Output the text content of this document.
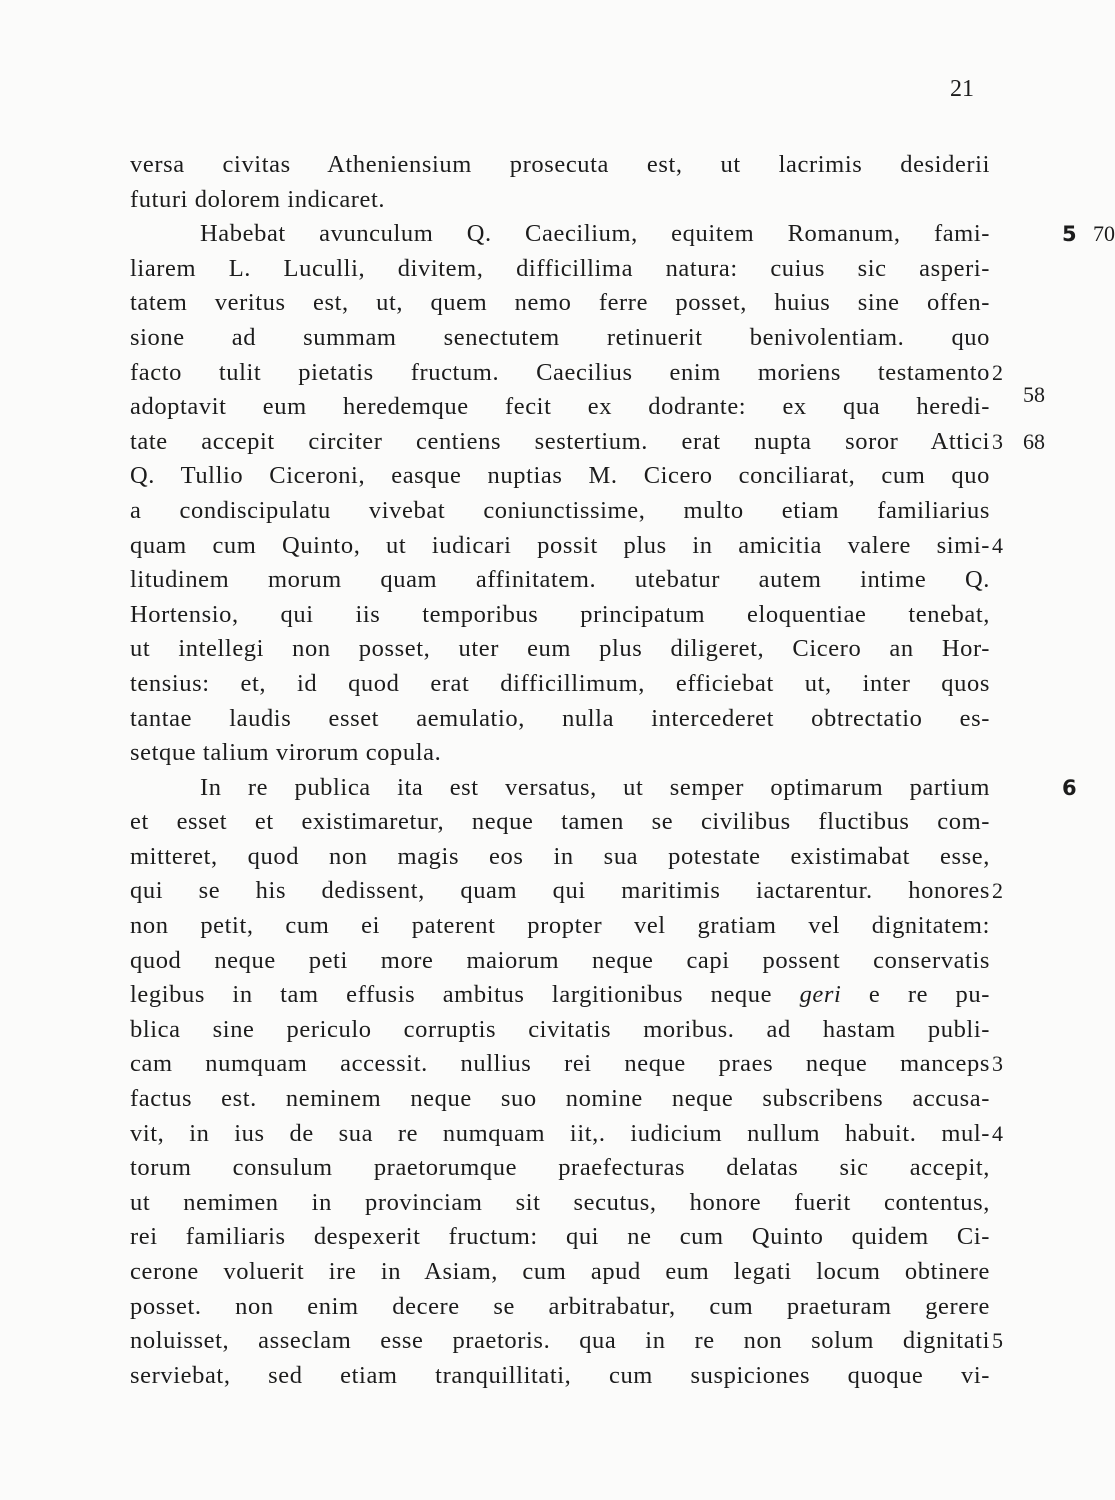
21
versa civitas Atheniensium prosecuta est, ut lacrimis desiderii
futuri dolorem indicaret.
Habebat avunculum Q. Caecilium, equitem Romanum, fami-	5 70
liarem L. Luculli, divitem, difficillima natura: cuius sic asperi-
tatem veritus est, ut, quem nemo ferre posset, huius sine offen-
sione ad summam senectutem retinuerit benivolentiam. quo
facto tulit pietatis fructum. Caecilius enim moriens testamento 2
adoptavit eum heredemque fecit ex dodrante: ex qua heredi- 58
tate accepit circiter centiens sestertium. erat nupta soror Attici 3 68
Q. Tullio Ciceroni, easque nuptias M. Cicero conciliarat, cum quo
a condiscipulatu vivebat coniunctissime, multo etiam familiarius
quam cum Quinto, ut iudicari possit plus in amicitia valere simi- 4
litudinem morum quam affinitatem. utebatur autem intime Q.
Hortensio, qui iis temporibus principatum eloquentiae tenebat,
ut intellegi non posset, uter eum plus diligeret, Cicero an Hor-
tensius: et, id quod erat difficillimum, efficiebat ut, inter quos
tantae laudis esset aemulatio, nulla intercederet obtrectatio es-
setque talium virorum copula.
In re publica ita est versatus, ut semper optimarum partium	6
et esset et existimaretur, neque tamen se civilibus fluctibus com-
mitteret, quod non magis eos in sua potestate existimabat esse,
qui se his dedissent, quam qui maritimis iactarentur. honores 2
non petit, cum ei paterent propter vel gratiam vel dignitatem:
quod neque peti more maiorum neque capi possent conservatis
legibus in tam effusis ambitus largitionibus neque geri e re pu-
blica sine periculo corruptis civitatis moribus. ad hastam publi-
cam numquam accessit. nullius rei neque praes neque manceps 3
factus est. neminem neque suo nomine neque subscribens accusa-
vit, in ius de sua re numquam iit,. iudicium nullum habuit. mul- 4
torum consulum praetorumque praefecturas delatas sic accepit,
ut nemimen in provinciam sit secutus, honore fuerit contentus,
rei familiaris despexerit fructum: qui ne cum Quinto quidem Ci-
cerone voluerit ire in Asiam, cum apud eum legati locum obtinere
posset. non enim decere se arbitrabatur, cum praeturam gerere
noluisset, asseclam esse praetoris. qua in re non solum dignitati 5
serviebat, sed etiam tranquillitati, cum suspiciones quoque vi-
